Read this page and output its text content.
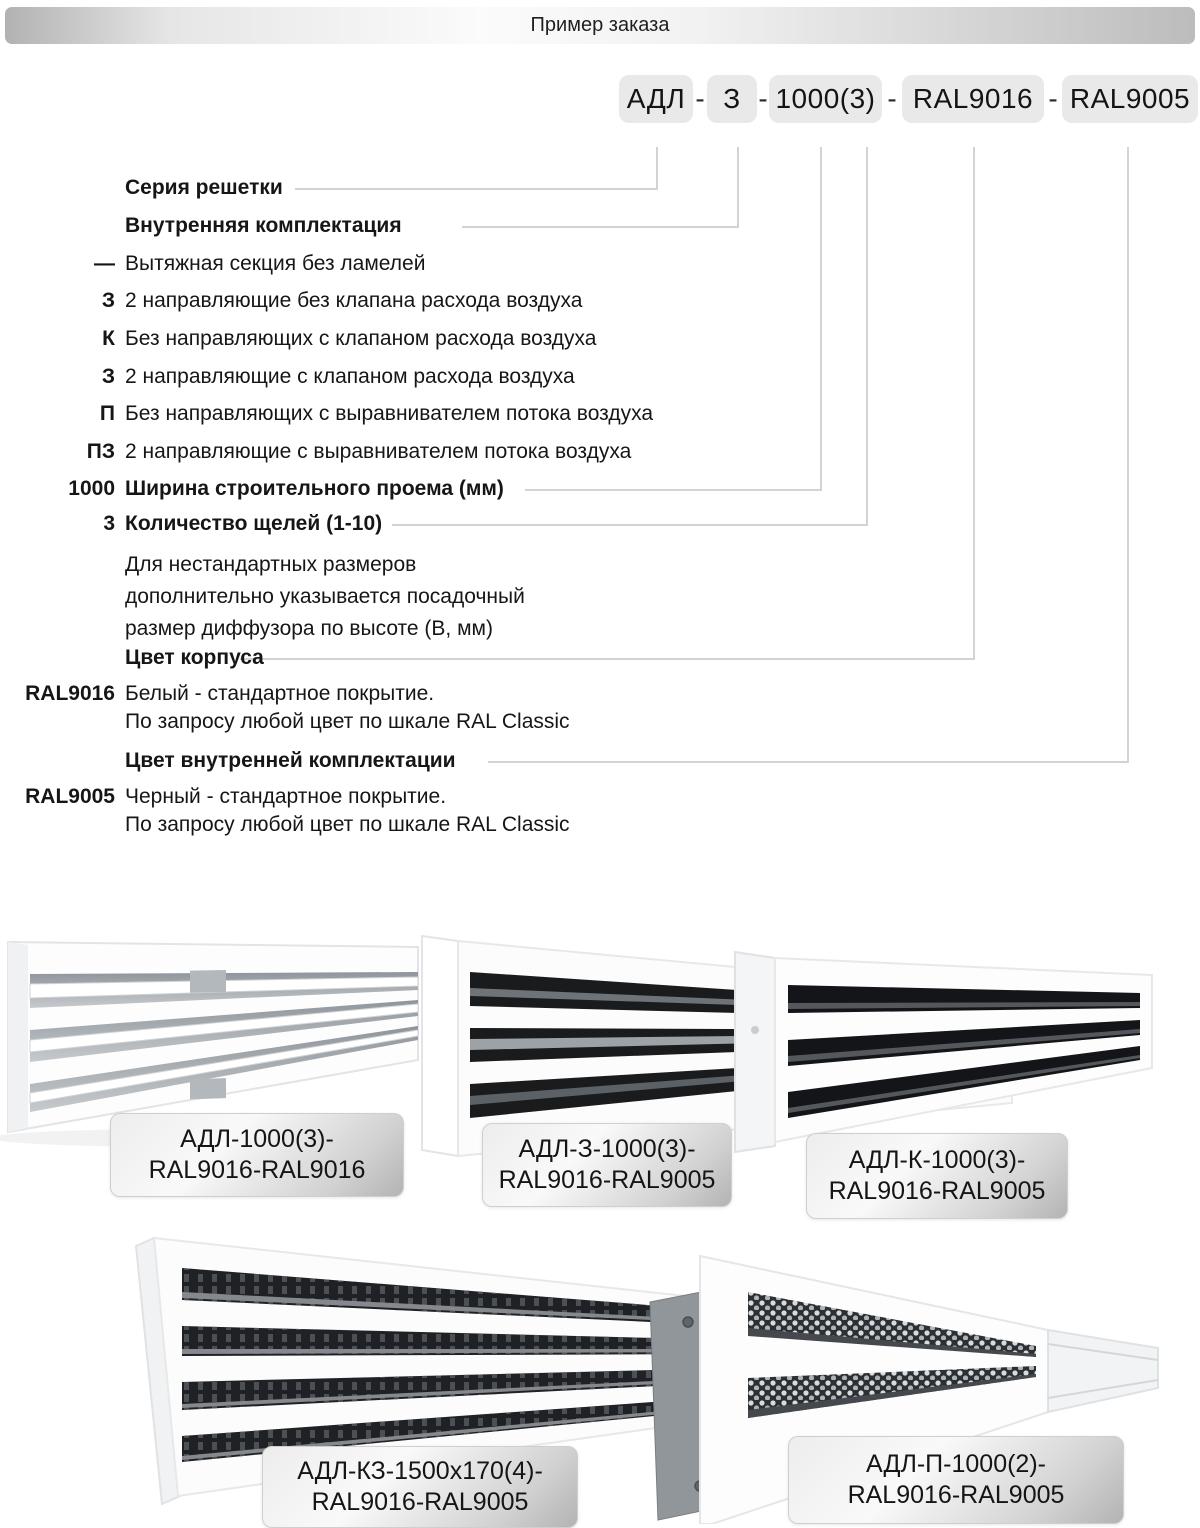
Пример заказа
АДЛ - З - 1000(3) - RAL9016 - RAL9005
Серия решетки
Внутренняя комплектация
— Вытяжная секция без ламелей
З 2 направляющие без клапана расхода воздуха
К Без направляющих с клапаном расхода воздуха
З 2 направляющие с клапаном расхода воздуха
П Без направляющих с выравнивателем потока воздуха
ПЗ 2 направляющие с выравнивателем потока воздуха
1000 Ширина строительного проема (мм)
3 Количество щелей (1-10)
Для нестандартных размеров
дополнительно указывается посадочный
размер диффузора по высоте (В, мм)
Цвет корпуса
RAL9016 Белый - стандартное покрытие.
По запросу любой цвет по шкале RAL Classic
Цвет внутренней комплектации
RAL9005 Черный - стандартное покрытие.
По запросу любой цвет по шкале RAL Classic
АДЛ-1000(3)-
RAL9016-RAL9016
АДЛ-З-1000(3)-
RAL9016-RAL9005
АДЛ-К-1000(3)-
RAL9016-RAL9005
АДЛ-КЗ-1500х170(4)-
RAL9016-RAL9005
АДЛ-П-1000(2)-
RAL9016-RAL9005
